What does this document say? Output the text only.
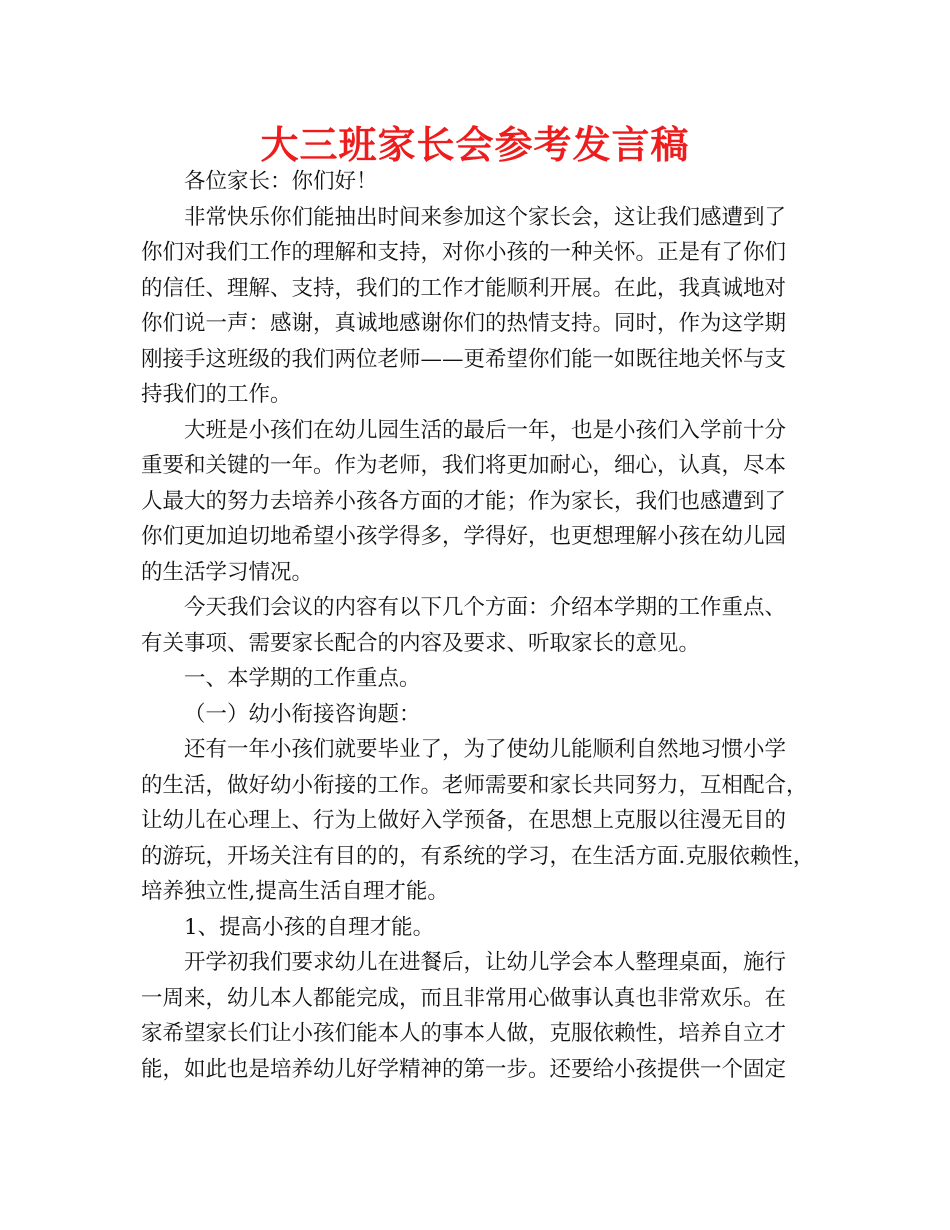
大三班家长会参考发言稿

各位家长：你们好！

非常快乐你们能抽出时间来参加这个家长会，这让我们感遭到了
你们对我们工作的理解和支持，对你小孩的一种关怀。正是有了你们
的信任、理解、支持，我们的工作才能顺利开展。在此，我真诚地对
你们说一声：感谢，真诚地感谢你们的热情支持。同时，作为这学期
刚接手这班级的我们两位老师——更希望你们能一如既往地关怀与支
持我们的工作。

大班是小孩们在幼儿园生活的最后一年，也是小孩们入学前十分
重要和关键的一年。作为老师，我们将更加耐心，细心，认真，尽本
人最大的努力去培养小孩各方面的才能；作为家长，我们也感遭到了
你们更加迫切地希望小孩学得多，学得好，也更想理解小孩在幼儿园
的生活学习情况。

今天我们会议的内容有以下几个方面：介绍本学期的工作重点、
有关事项、需要家长配合的内容及要求、听取家长的意见。

一、本学期的工作重点。

（一）幼小衔接咨询题：

还有一年小孩们就要毕业了，为了使幼儿能顺利自然地习惯小学
的生活，做好幼小衔接的工作。老师需要和家长共同努力，互相配合，
让幼儿在心理上、行为上做好入学预备，在思想上克服以往漫无目的
的游玩，开场关注有目的的，有系统的学习，在生活方面.克服依赖性，
培养独立性,提高生活自理才能。

1、提高小孩的自理才能。

开学初我们要求幼儿在进餐后，让幼儿学会本人整理桌面，施行
一周来，幼儿本人都能完成，而且非常用心做事认真也非常欢乐。在
家希望家长们让小孩们能本人的事本人做，克服依赖性，培养自立才
能，如此也是培养幼儿好学精神的第一步。还要给小孩提供一个固定
